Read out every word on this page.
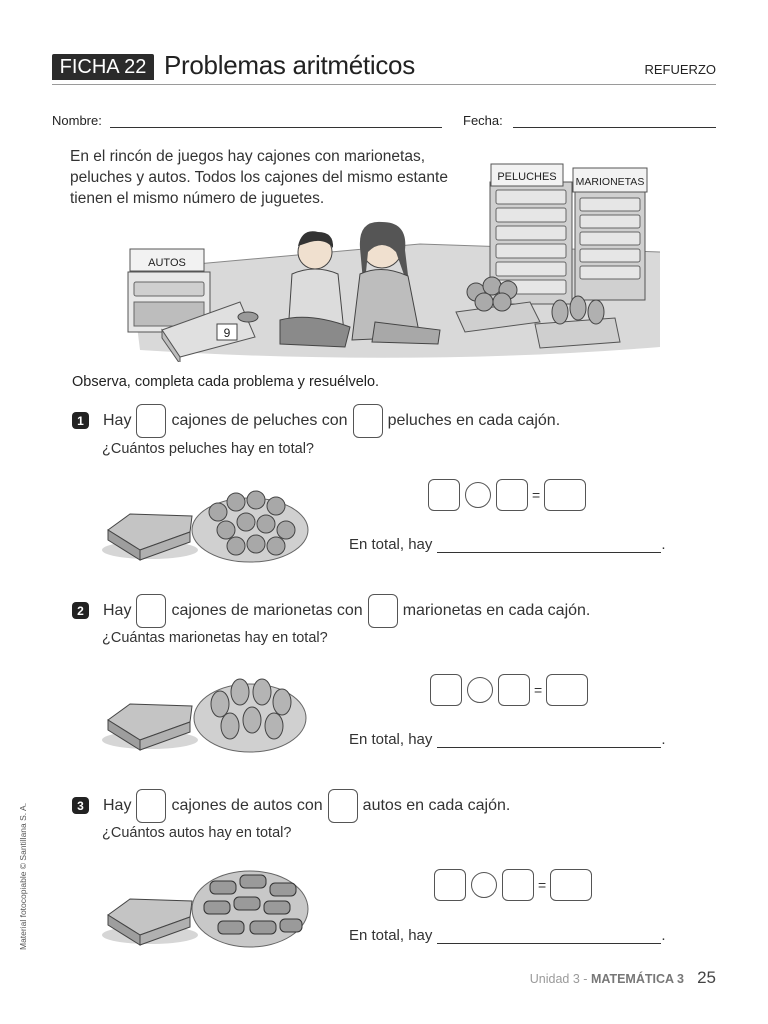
FICHA 22 Problemas aritméticos	REFUERZO
Nombre:	Fecha:
AUTOS
9
PELUCHES MARIONETAS
En el rincón de juegos hay cajones con marionetas, peluches y autos. Todos los cajones del mismo estante tienen el mismo número de juguetes.
Observa, completa cada problema y resuélvelo.
1	Hay	cajones de peluches con	peluches en cada cajón.
¿Cuántos peluches hay en total?
=
En total, hay	.
2	Hay	cajones de marionetas con	marionetas en cada cajón.
¿Cuántas marionetas hay en total?
=
En total, hay	.
3	Hay	cajones de autos con	autos en cada cajón.
¿Cuántos autos hay en total?
=
En total, hay	.
Material fotocopiable © Santillana S. A.
Unidad 3 - MATEMÁTICA 3 25
